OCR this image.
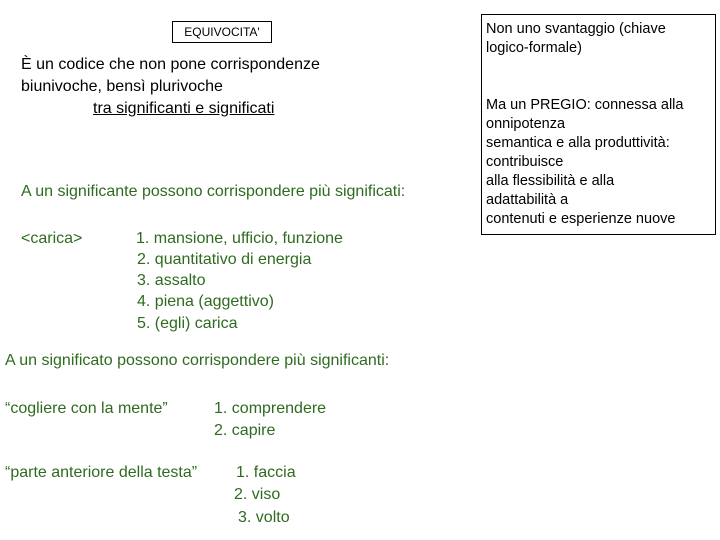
EQUIVOCITA'
È un codice che non pone corrispondenze
biunivoche, bensì plurivoche
tra significanti e significati
A un significante possono corrispondere più significati:
<carica>	1. mansione, ufficio, funzione
2. quantitativo di energia
3. assalto
4. piena (aggettivo)
5. (egli) carica
A un significato possono corrispondere più significanti:
“cogliere con la mente”	1. comprendere
2. capire
“parte anteriore della testa” 1. faccia
2. viso
3. volto
Non uno svantaggio (chiave
logico-formale)
Ma un PREGIO: connessa alla
onnipotenza
semantica e alla produttività:
contribuisce
alla flessibilità e alla
adattabilità a
contenuti e esperienze nuove
